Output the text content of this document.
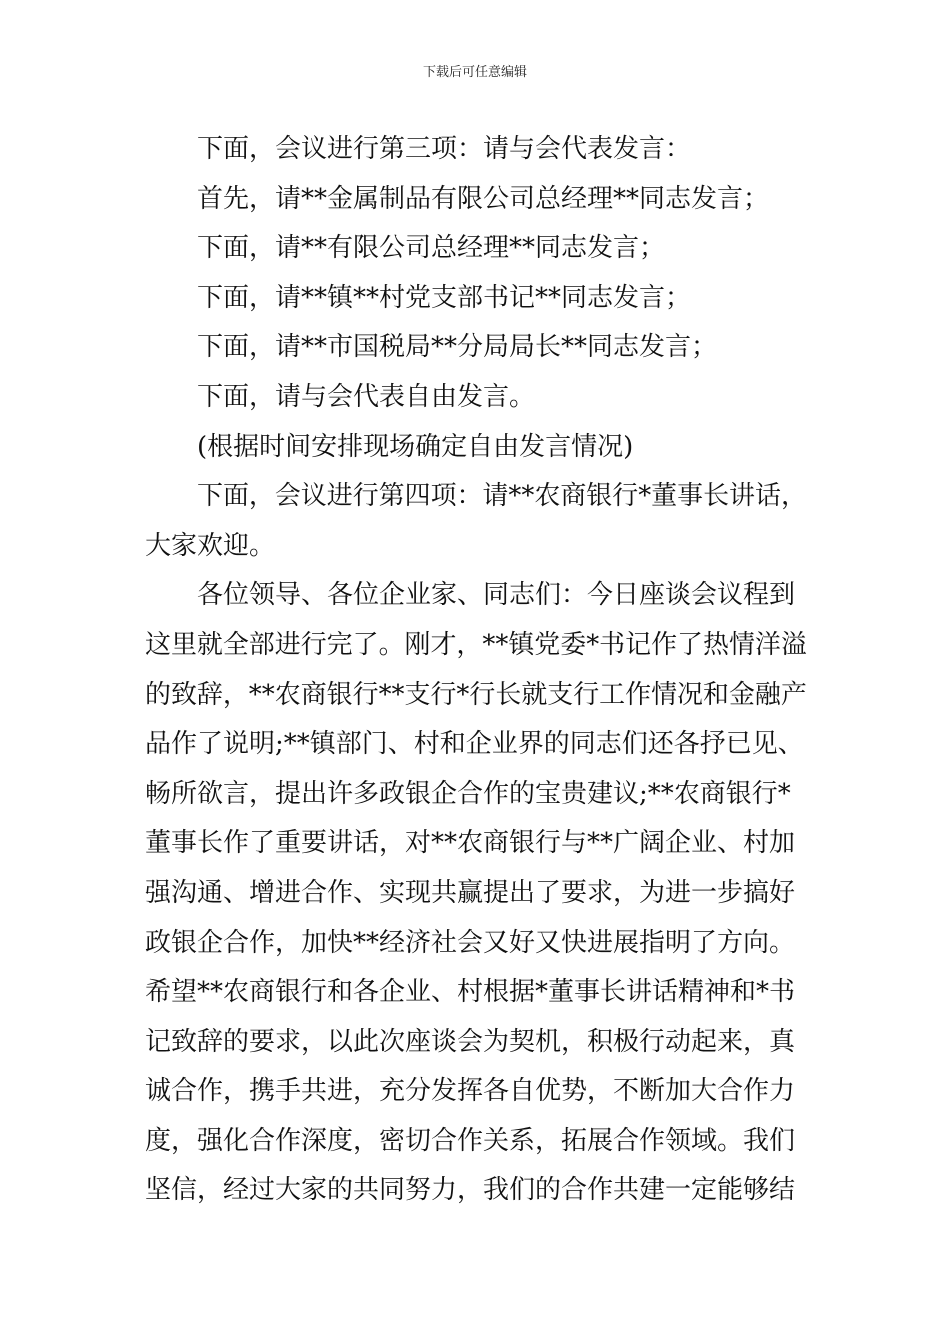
下载后可任意编辑
下面，会议进行第三项：请与会代表发言：
首先，请**金属制品有限公司总经理**同志发言；
下面，请**有限公司总经理**同志发言；
下面，请**镇**村党支部书记**同志发言；
下面，请**市国税局**分局局长**同志发言；
下面，请与会代表自由发言。
(根据时间安排现场确定自由发言情况)
下面，会议进行第四项：请**农商银行*董事长讲话，
大家欢迎。
各位领导、各位企业家、同志们：今日座谈会议程到
这里就全部进行完了。刚才，**镇党委*书记作了热情洋溢
的致辞，**农商银行**支行*行长就支行工作情况和金融产
品作了说明;**镇部门、村和企业界的同志们还各抒已见、
畅所欲言，提出许多政银企合作的宝贵建议;**农商银行*
董事长作了重要讲话，对**农商银行与**广阔企业、村加
强沟通、增进合作、实现共赢提出了要求，为进一步搞好
政银企合作，加快**经济社会又好又快进展指明了方向。
希望**农商银行和各企业、村根据*董事长讲话精神和*书
记致辞的要求，以此次座谈会为契机，积极行动起来，真
诚合作，携手共进，充分发挥各自优势，不断加大合作力
度，强化合作深度，密切合作关系，拓展合作领域。我们
坚信，经过大家的共同努力，我们的合作共建一定能够结
